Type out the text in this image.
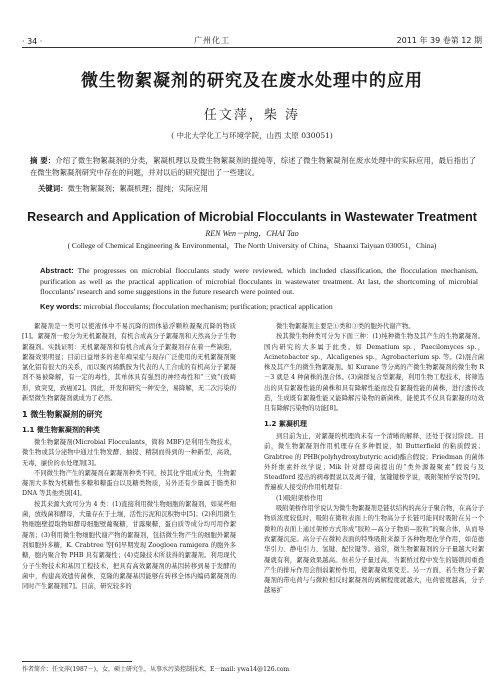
· 34 ·	广州化工	2011 年 39 卷第 12 期
微生物絮凝剂的研究及在废水处理中的应用
任文萍，柴 涛
( 中北大学化工与环境学院，山西 太原 030051)
摘 要：介绍了微生物絮凝剂的分类，絮凝机理以及微生物絮凝剂的提纯等，综述了微生物絮凝剂在废水处理中的实际应用，最后指出了在微生物絮凝剂研究中存在的问题，并对以后的研究提出了一些建议。
关键词：微生物絮凝剂；絮凝机理；提纯；实际应用
Research and Application of Microbial Flocculants in Wastewater Treatment
REN Wen－ping，CHAI Tao
( College of Chemical Engineering & Environmental，The North University of China，Shaanxi Taiyuan 030051，China)
Abstract: The progresses on microbial flocculants study were reviewed, which included classification, the flocculation mechanism, purification as well as the practical application of microbial flocculants in wastewater treatment. At last, the shortcoming of microbial flocculants' research and some suggestions in the future research were pointed out.
Key words: microbial flocculants; flocculation mechanism; purification; practical application

絮凝剂是一类可以使液体中不易沉降的固体悬浮颗粒凝聚沉降的物质[1]。絮凝剂一般分为无机絮凝剂，有机合成高分子絮凝剂和天然高分子生物絮凝剂。实践证明：无机絮凝剂和有机合成高分子絮凝剂存在着一些缺陷，絮凝效果明显；目前日益增多的老年痴呆症与现存广泛使用的无机絮凝剂聚氯化铝有很大的关系，而以聚丙烯酰胺为代表的人工合成的有机高分子絮凝剂不易被降解，有一定的毒性，其单体具有强烈的神经毒性和“三致”(致畸形，致突变，致癌)[2]。因此，开发和研究一种安全，易降解，无二次污染的新型微生物絮凝剂就成为了必然。

1 微生物絮凝剂的研究
1.1 微生物絮凝剂的种类

微生物絮凝剂(Microbial Flocculants，简称 MBF)是利用生物技术，微生物或其分泌物中通过生物发酵、抽提、精制而得到的一种新型，高效，无毒，廉价的水处理剂[3]。

不同微生物产生的絮凝剂在絮凝剂种类不同，按其化学组成分类，生物絮凝剂大多数为机糖性多糖和糖蛋白以及糖类物质，另外还有少量属于脂类和 DNA 等其他类别[4]。

按其来源大致可分为 4 类：(1)直接利用微生物细胞的絮凝剂，如某些细菌，放线菌和酵母，大量存在于土壤，活性污泥和沉积物中[5]；(2)利用微生物细胞壁提取物如酵母细胞壁葡聚糖，甘露聚糖，蛋白质等成分均可用作絮凝剂；(3)利用微生物细胞代谢产物的絮凝剂，包括微生物产生的细胞外絮凝剂如胞外多糖，K. Crabtree 等[6]早期发现 Zoogloea ramigera 的胞外多糖，胞内聚合物 PHB 具有絮凝性；(4)克隆技术所获得的絮凝剂。利用现代分子生物技术和基因工程技术，把具有高效絮凝剂的基因转移到易于发酵的菌中，构建高效遗传菌株，克隆的絮凝基因能够在转移全体内编码絮凝剂的同时产生絮凝剂[7]。目前，研究较多的

微生物絮凝剂主要是①类和③类的胞外代谢产物。

按其微生物种类可分为下面三种：(1)纯种微生物及其产生的生物絮凝剂。国内研究的大多属于此类。如 Dematium sp.，Paecilomyces sp.，Acinetobacter sp.，Alcaligenes sp.，Agrobacterium sp. 等。(2)混合菌株及其产生的微生物絮凝剂。如 Kurane 等分离的产微生物絮凝剂的微生物 R－3 就是 4 种菌株的混合体。(3)菌群复合型絮凝，利用生物工程技术，将筛选出的具有絮凝性能的菌株和具有降解性能而没有絮凝性能的菌株，进行遗传改造，生成既有絮凝性能又能降解污染物的新菌株，能使其不仅具有絮凝的功效且有降解污染物的功能[8]。

1.2 絮凝机理

到目前为止，对絮凝的机理尚未有一个清晰的解释，还处于探讨阶段。目前，微生物絮凝剂作用机理存在多种假说，如 Butterfield 的粘质假说；Grabtree 的 PHB(polyhydroxybutyric acid)酯合假说；Friedman 的菌体外纤维素纤丝学说；Mik 针对酵母菌提出的“类外源凝聚素”假说与及 Steadford 提出的病毒假说以及离子键，氢键键桥学说，吸附架桥学说等[9]。普遍被人接受的作用机理有：

(1)吸附架桥作用

吸附架桥作用学说认为微生物絮凝剂是链状结构的高分子聚合物，在高分子物质浓度较低时，吸附在微粒表面上的生物高分子长链可能同时吸附在另一个微粒的表面上通过架桥方式形成“胶粒—高分子物质—胶粒”的聚合体，从而导致絮凝沉淀。高分子在微粒表面的特殊吸附来源于各种物理化学作用，如范德华引力、静电引力、氢键、配位键等。通常，微生物絮凝剂的分子量越大对絮凝就有利，絮凝效果越高。但若分子量过高，当絮桥过程中发生的链锁间重叠产生的排斥作用会削弱絮桥作用，使絮凝效果变差。另一方面，若生物分子絮凝剂的带电荷与与微粒相反时絮凝剂的离解程度就越大，电荷密度越高，分子越易扩

作者简介：任文萍(1987－)，女，硕士研究生，从事水污染控制技术，E－mail: ywa14@126.com
